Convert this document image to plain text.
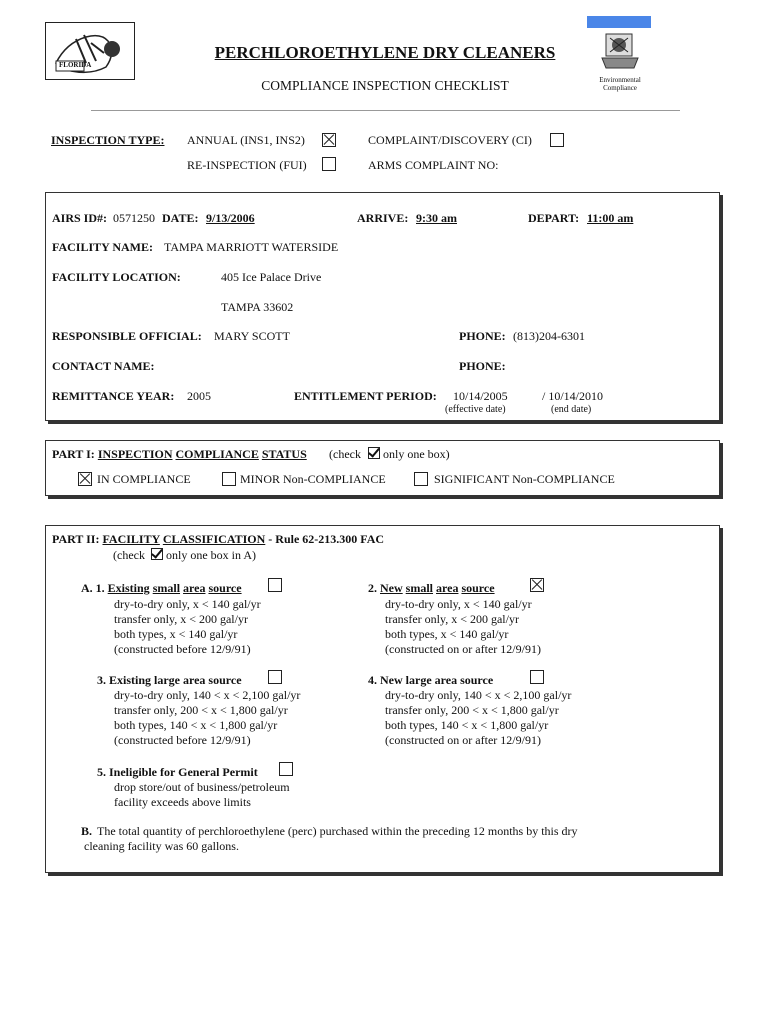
FLORIDA
Environmental Compliance
PERCHLOROETHYLENE DRY CLEANERS
COMPLIANCE INSPECTION CHECKLIST
INSPECTION TYPE: ANNUAL (INS1, INS2)	COMPLAINT/DISCOVERY (CI)
RE-INSPECTION (FUI)	ARMS COMPLAINT NO:
AIRS ID#: 0571250 DATE: 9/13/2006	ARRIVE: 9:30 am	DEPART: 11:00 am
FACILITY NAME: TAMPA MARRIOTT WATERSIDE
FACILITY LOCATION:	405 Ice Palace Drive
TAMPA 33602
RESPONSIBLE OFFICIAL: MARY SCOTT	PHONE: (813)204-6301
CONTACT NAME:	PHONE:
REMITTANCE YEAR: 2005	ENTITLEMENT PERIOD: 10/14/2005	/ 10/14/2010
(effective date)	(end date)
PART I: INSPECTION COMPLIANCE STATUS (check only one box)
IN COMPLIANCE	MINOR Non-COMPLIANCE	SIGNIFICANT Non-COMPLIANCE
PART II: FACILITY CLASSIFICATION - Rule 62-213.300 FAC
(check only one box in A)
A. 1. Existing small area source
dry-to-dry only, x < 140 gal/yr
transfer only, x < 200 gal/yr
both types, x < 140 gal/yr
(constructed before 12/9/91)
2. New small area source
dry-to-dry only, x < 140 gal/yr
transfer only, x < 200 gal/yr
both types, x < 140 gal/yr
(constructed on or after 12/9/91)
3. Existing large area source
dry-to-dry only, 140 < x < 2,100 gal/yr
transfer only, 200 < x < 1,800 gal/yr
both types, 140 < x < 1,800 gal/yr
(constructed before 12/9/91)
4. New large area source
dry-to-dry only, 140 < x < 2,100 gal/yr
transfer only, 200 < x < 1,800 gal/yr
both types, 140 < x < 1,800 gal/yr
(constructed on or after 12/9/91)
5. Ineligible for General Permit
drop store/out of business/petroleum
facility exceeds above limits
B. The total quantity of perchloroethylene (perc) purchased within the preceding 12 months by this dry
cleaning facility was 60 gallons.
